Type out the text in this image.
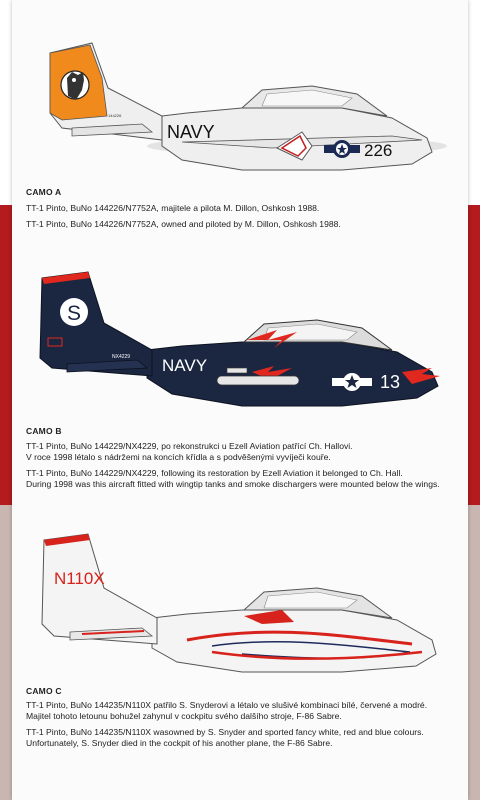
NAVY
226
144226
CAMO A

TT-1 Pinto, BuNo 144226/N7752A, majitele a pilota M. Dillon, Oshkosh 1988.

TT-1 Pinto, BuNo 144226/N7752A, owned and piloted by M. Dillon, Oshkosh 1988.

S
NAVY
13
NX4229
CAMO B

TT-1 Pinto, BuNo 144229/NX4229, po rekonstrukci u Ezell Aviation patřící Ch. Hallovi.

V roce 1998 létalo s nádržemi na koncích křídla a s podvěšenými vyvíječi kouře.

TT-1 Pinto, BuNo 144229/NX4229, following its restoration by Ezell Aviation it belonged to Ch. Hall.

During 1998 was this aircraft fitted with wingtip tanks and smoke dischargers were mounted below the wings.

N110X
CAMO C

TT-1 Pinto, BuNo 144235/N110X patřilo S. Snyderovi a létalo ve slušivé kombinaci bílé, červené a modré.

Majitel tohoto letounu bohužel zahynul v cockpitu svého dalšího stroje, F-86 Sabre.

TT-1 Pinto, BuNo 144235/N110X wasowned by S. Snyder and sported fancy white, red and blue colours.

Unfortunately, S. Snyder died in the cockpit of his another plane, the F-86 Sabre.
